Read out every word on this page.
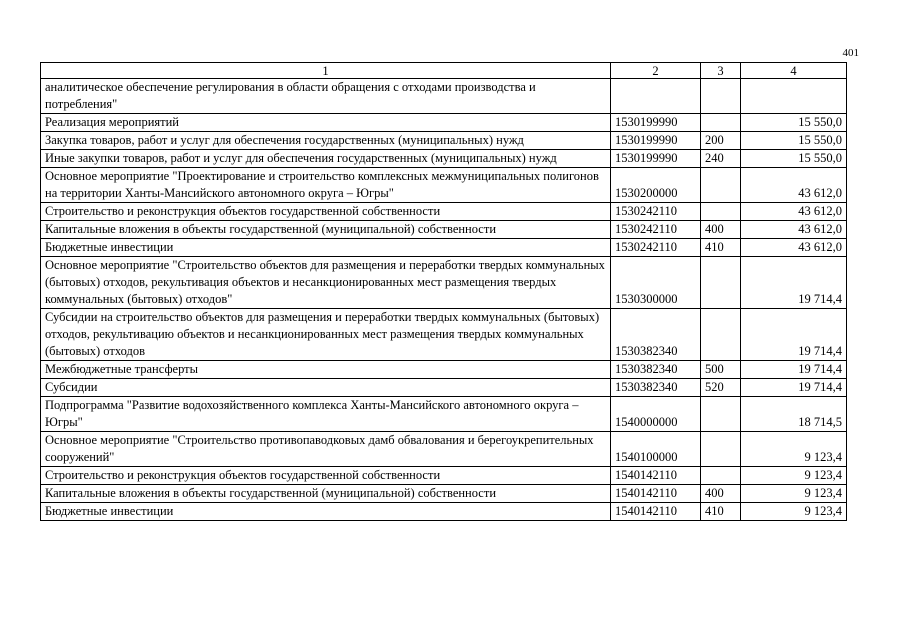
401
1	2	3	4
аналитическое обеспечение регулирования в области обращения с отходами производства и потребления"			
Реализация мероприятий	1530199990		15 550,0
Закупка товаров, работ и услуг для обеспечения государственных (муниципальных) нужд	1530199990	200	15 550,0
Иные закупки товаров, работ и услуг для обеспечения государственных (муниципальных) нужд	1530199990	240	15 550,0
Основное мероприятие "Проектирование и строительство комплексных межмуниципальных полигонов на территории Ханты-Мансийского автономного округа – Югры"	1530200000		43 612,0
Строительство и реконструкция объектов государственной собственности	1530242110		43 612,0
Капитальные вложения в объекты государственной (муниципальной) собственности	1530242110	400	43 612,0
Бюджетные инвестиции	1530242110	410	43 612,0
Основное мероприятие "Строительство объектов для размещения и переработки твердых коммунальных (бытовых) отходов, рекультивация объектов и несанкционированных мест размещения твердых коммунальных (бытовых) отходов"	1530300000		19 714,4
Субсидии на строительство объектов для размещения и переработки твердых коммунальных (бытовых) отходов, рекультивацию объектов и несанкционированных мест размещения твердых коммунальных (бытовых) отходов	1530382340		19 714,4
Межбюджетные трансферты	1530382340	500	19 714,4
Субсидии	1530382340	520	19 714,4
Подпрограмма "Развитие водохозяйственного комплекса Ханты-Мансийского автономного округа – Югры"	1540000000		18 714,5
Основное мероприятие "Строительство противопаводковых дамб обвалования и берегоукрепительных сооружений"	1540100000		9 123,4
Строительство и реконструкция объектов государственной собственности	1540142110		9 123,4
Капитальные вложения в объекты государственной (муниципальной) собственности	1540142110	400	9 123,4
Бюджетные инвестиции	1540142110	410	9 123,4
